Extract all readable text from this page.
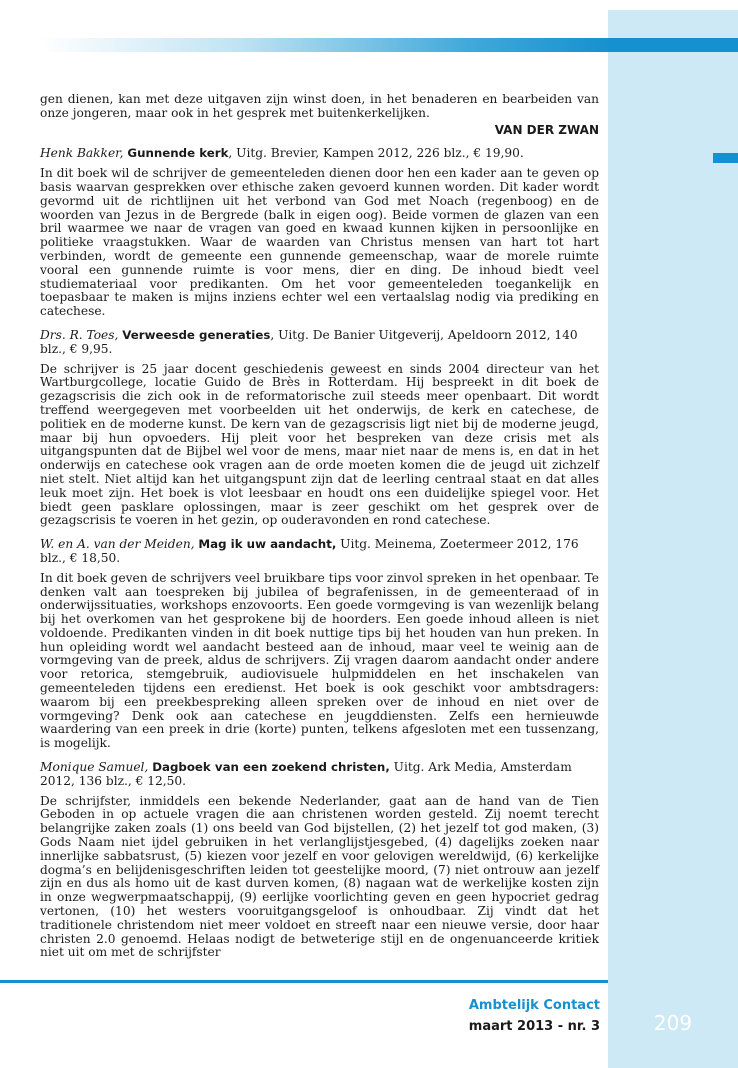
gen dienen, kan met deze uitgaven zijn winst doen, in het benaderen en bearbeiden van onze jongeren, maar ook in het gesprek met buitenkerkelijken.

VAN DER ZWAN

Henk Bakker, Gunnende kerk, Uitg. Brevier, Kampen 2012, 226 blz., € 19,90.

In dit boek wil de schrijver de gemeenteleden dienen door hen een kader aan te geven op basis waarvan gesprekken over ethische zaken gevoerd kunnen worden. Dit kader wordt gevormd uit de richtlijnen uit het verbond van God met Noach (regenboog) en de woorden van Jezus in de Bergrede (balk in eigen oog). Beide vormen de glazen van een bril waarmee we naar de vragen van goed en kwaad kunnen kijken in persoonlijke en politieke vraagstukken. Waar de waarden van Christus mensen van hart tot hart verbinden, wordt de gemeente een gunnende gemeenschap, waar de morele ruimte vooral een gunnende ruimte is voor mens, dier en ding. De inhoud biedt veel studiemateriaal voor predikanten. Om het voor gemeenteleden toegankelijk en toepasbaar te maken is mijns inziens echter wel een vertaalslag nodig via prediking en catechese.

Drs. R. Toes, Verweesde generaties, Uitg. De Banier Uitgeverij, Apeldoorn 2012, 140 blz., € 9,95.

De schrijver is 25 jaar docent geschiedenis geweest en sinds 2004 directeur van het Wartburgcollege, locatie Guido de Brès in Rotterdam. Hij bespreekt in dit boek de gezagscrisis die zich ook in de reformatorische zuil steeds meer openbaart. Dit wordt treffend weergegeven met voorbeelden uit het onderwijs, de kerk en catechese, de politiek en de moderne kunst. De kern van de gezagscrisis ligt niet bij de moderne jeugd, maar bij hun opvoeders. Hij pleit voor het bespreken van deze crisis met als uitgangspunten dat de Bijbel wel voor de mens, maar niet naar de mens is, en dat in het onderwijs en catechese ook vragen aan de orde moeten komen die de jeugd uit zichzelf niet stelt. Niet altijd kan het uitgangspunt zijn dat de leerling centraal staat en dat alles leuk moet zijn. Het boek is vlot leesbaar en houdt ons een duidelijke spiegel voor. Het biedt geen pasklare oplossingen, maar is zeer geschikt om het gesprek over de gezagscrisis te voeren in het gezin, op ouderavonden en rond catechese.

W. en A. van der Meiden, Mag ik uw aandacht, Uitg. Meinema, Zoetermeer 2012, 176 blz., € 18,50.

In dit boek geven de schrijvers veel bruikbare tips voor zinvol spreken in het openbaar. Te denken valt aan toespreken bij jubilea of begrafenissen, in de gemeenteraad of in onderwijssituaties, workshops enzovoorts. Een goede vormgeving is van wezenlijk belang bij het overkomen van het gesprokene bij de hoorders. Een goede inhoud alleen is niet voldoende. Predikanten vinden in dit boek nuttige tips bij het houden van hun preken. In hun opleiding wordt wel aandacht besteed aan de inhoud, maar veel te weinig aan de vormgeving van de preek, aldus de schrijvers. Zij vragen daarom aandacht onder andere voor retorica, stemgebruik, audiovisuele hulpmiddelen en het inschakelen van gemeenteleden tijdens een eredienst. Het boek is ook geschikt voor ambtsdragers: waarom bij een preekbespreking alleen spreken over de inhoud en niet over de vormgeving? Denk ook aan catechese en jeugddiensten. Zelfs een hernieuwde waardering van een preek in drie (korte) punten, telkens afgesloten met een tussenzang, is mogelijk.

Monique Samuel, Dagboek van een zoekend christen, Uitg. Ark Media, Amsterdam 2012, 136 blz., € 12,50.

De schrijfster, inmiddels een bekende Nederlander, gaat aan de hand van de Tien Geboden in op actuele vragen die aan christenen worden gesteld. Zij noemt terecht belangrijke zaken zoals (1) ons beeld van God bijstellen, (2) het jezelf tot god maken, (3) Gods Naam niet ijdel gebruiken in het verlanglijstjesgebed, (4) dagelijks zoeken naar innerlijke sabbatsrust, (5) kiezen voor jezelf en voor gelovigen wereldwijd, (6) kerkelijke dogma’s en belijdenisgeschriften leiden tot geestelijke moord, (7) niet ontrouw aan jezelf zijn en dus als homo uit de kast durven komen, (8) nagaan wat de werkelijke kosten zijn in onze wegwerpmaatschappij, (9) eerlijke voorlichting geven en geen hypocriet gedrag vertonen, (10) het westers vooruitgangsgeloof is onhoudbaar. Zij vindt dat het traditionele christendom niet meer voldoet en streeft naar een nieuwe versie, door haar christen 2.0 genoemd. Helaas nodigt de betweterige stijl en de ongenuanceerde kritiek niet uit om met de schrijfster

Ambtelijk Contact
maart 2013 - nr. 3	209
